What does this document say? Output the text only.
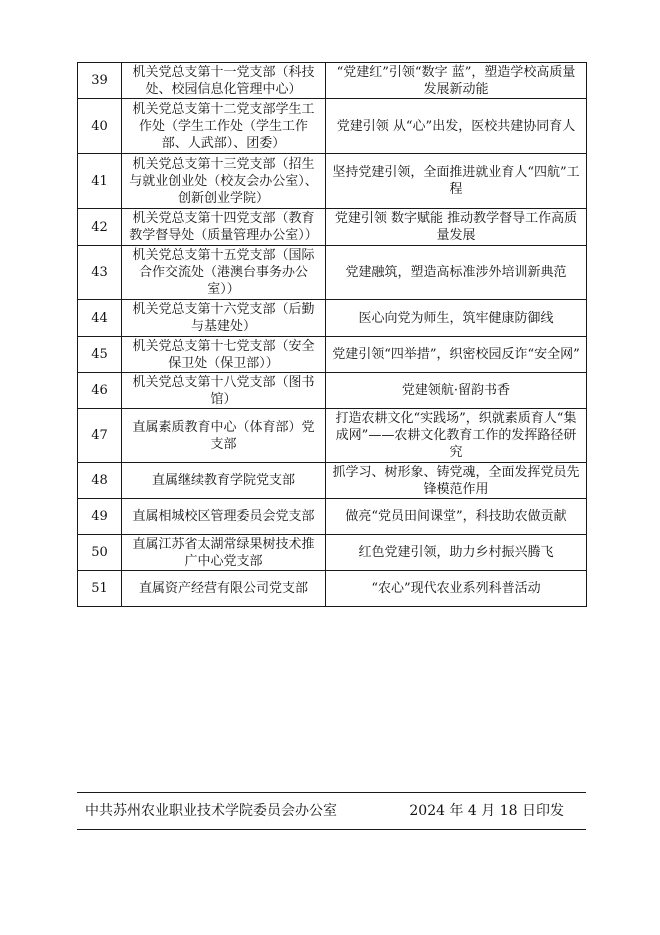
39	机关党总支第十一党支部（科技处、校园信息化管理中心）	“党建红”引领“数字 蓝”，塑造学校高质量发展新动能
40	机关党总支第十二党支部学生工作处（学生工作处（学生工作部、人武部）、团委）	党建引领 从“心”出发，医校共建协同育人
41	机关党总支第十三党支部（招生与就业创业处（校友会办公室）、创新创业学院）	坚持党建引领，全面推进就业育人“四航”工程
42	机关党总支第十四党支部（教育教学督导处（质量管理办公室））	党建引领 数字赋能 推动教学督导工作高质量发展
43	机关党总支第十五党支部（国际合作交流处（港澳台事务办公室））	党建融筑，塑造高标准涉外培训新典范
44	机关党总支第十六党支部（后勤与基建处）	医心向党为师生，筑牢健康防御线
45	机关党总支第十七党支部（安全保卫处（保卫部））	党建引领“四举措”，织密校园反诈“安全网”
46	机关党总支第十八党支部（图书馆）	党建领航·留韵书香
47	直属素质教育中心（体育部）党支部	打造农耕文化“实践场”，织就素质育人“集成网”——农耕文化教育工作的发挥路径研究
48	直属继续教育学院党支部	抓学习、树形象、铸党魂，全面发挥党员先锋模范作用
49	直属相城校区管理委员会党支部	做亮“党员田间课堂”，科技助农做贡献
50	直属江苏省太湖常绿果树技术推广中心党支部	红色党建引领，助力乡村振兴腾飞
51	直属资产经营有限公司党支部	“农心”现代农业系列科普活动
中共苏州农业职业技术学院委员会办公室	2024 年 4 月 18 日印发
